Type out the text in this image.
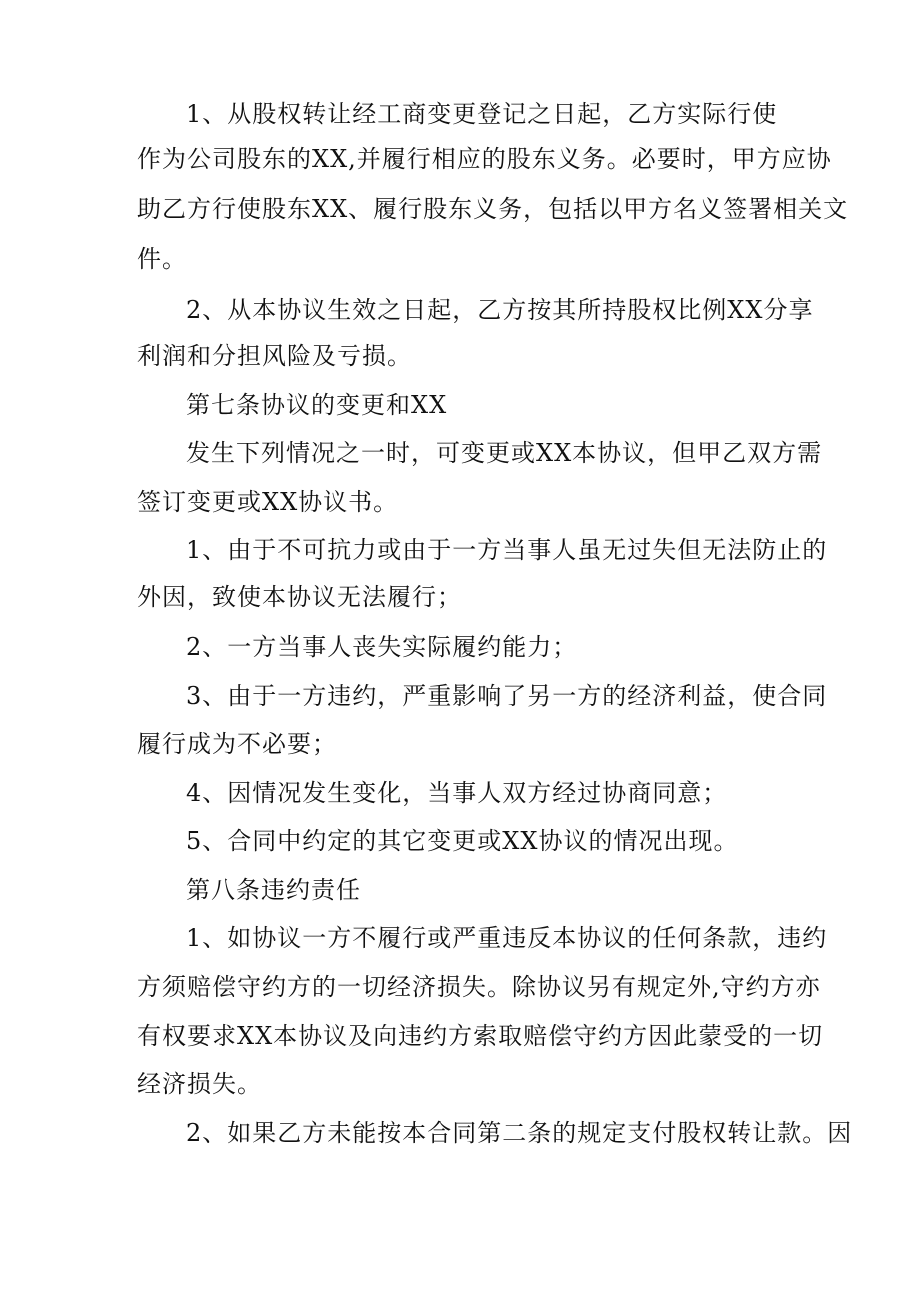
1、从股权转让经工商变更登记之日起，乙方实际行使
作为公司股东的XX,并履行相应的股东义务。必要时，甲方应协
助乙方行使股东XX、履行股东义务，包括以甲方名义签署相关文
件。
2、从本协议生效之日起，乙方按其所持股权比例XX分享
利润和分担风险及亏损。
第七条协议的变更和XX
发生下列情况之一时，可变更或XX本协议，但甲乙双方需
签订变更或XX协议书。
1、由于不可抗力或由于一方当事人虽无过失但无法防止的
外因，致使本协议无法履行；
2、一方当事人丧失实际履约能力；
3、由于一方违约，严重影响了另一方的经济利益，使合同
履行成为不必要；
4、因情况发生变化，当事人双方经过协商同意；
5、合同中约定的其它变更或XX协议的情况出现。
第八条违约责任
1、如协议一方不履行或严重违反本协议的任何条款，违约
方须赔偿守约方的一切经济损失。除协议另有规定外,守约方亦
有权要求XX本协议及向违约方索取赔偿守约方因此蒙受的一切
经济损失。
2、如果乙方未能按本合同第二条的规定支付股权转让款。因
